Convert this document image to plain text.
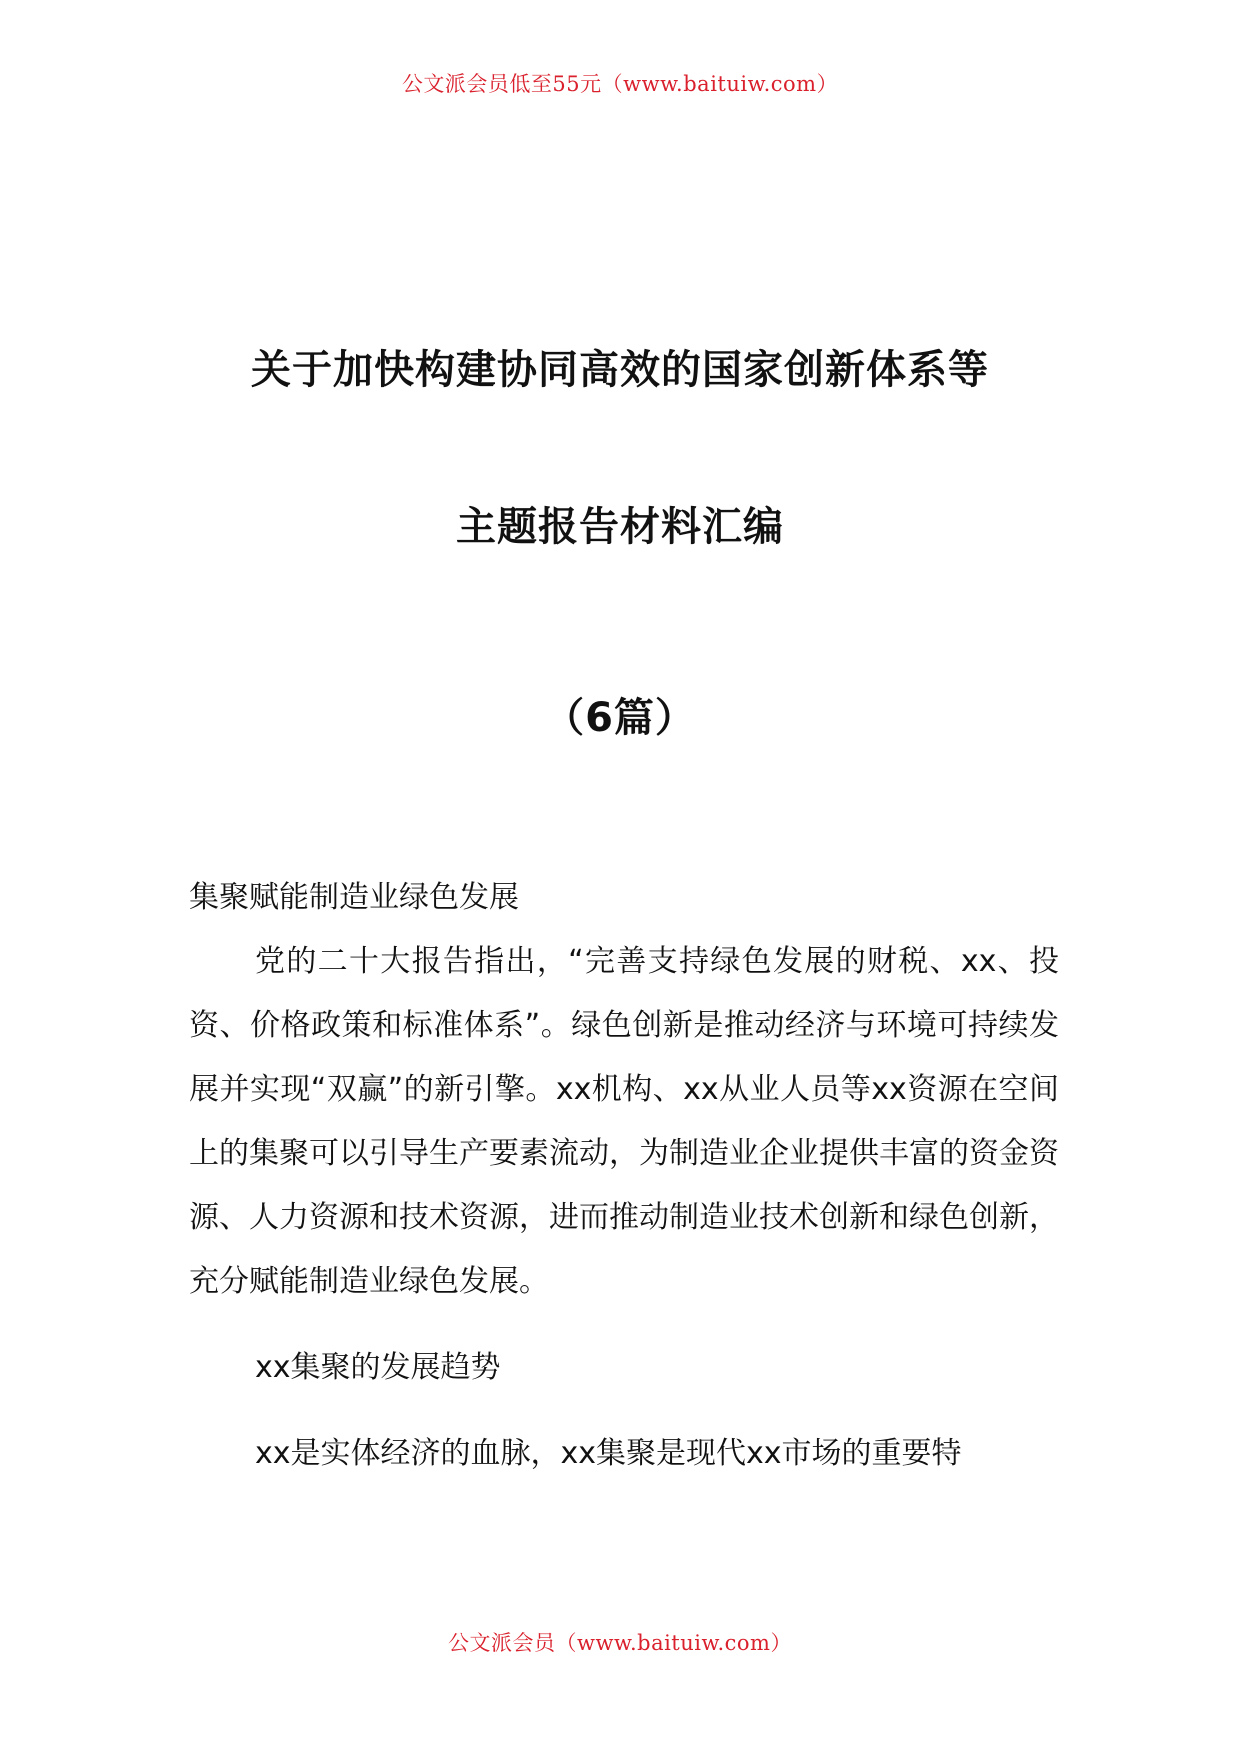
公文派会员低至55元（www.baituiw.com）
关于加快构建协同高效的国家创新体系等
主题报告材料汇编
（6篇）

集聚赋能制造业绿色发展

党的二十大报告指出，“完善支持绿色发展的财税、xx、投资、价格政策和标准体系”。绿色创新是推动经济与环境可持续发展并实现“双赢”的新引擎。xx机构、xx从业人员等xx资源在空间上的集聚可以引导生产要素流动，为制造业企业提供丰富的资金资源、人力资源和技术资源，进而推动制造业技术创新和绿色创新，充分赋能制造业绿色发展。

xx集聚的发展趋势

xx是实体经济的血脉，xx集聚是现代xx市场的重要特

公文派会员（www.baituiw.com）
